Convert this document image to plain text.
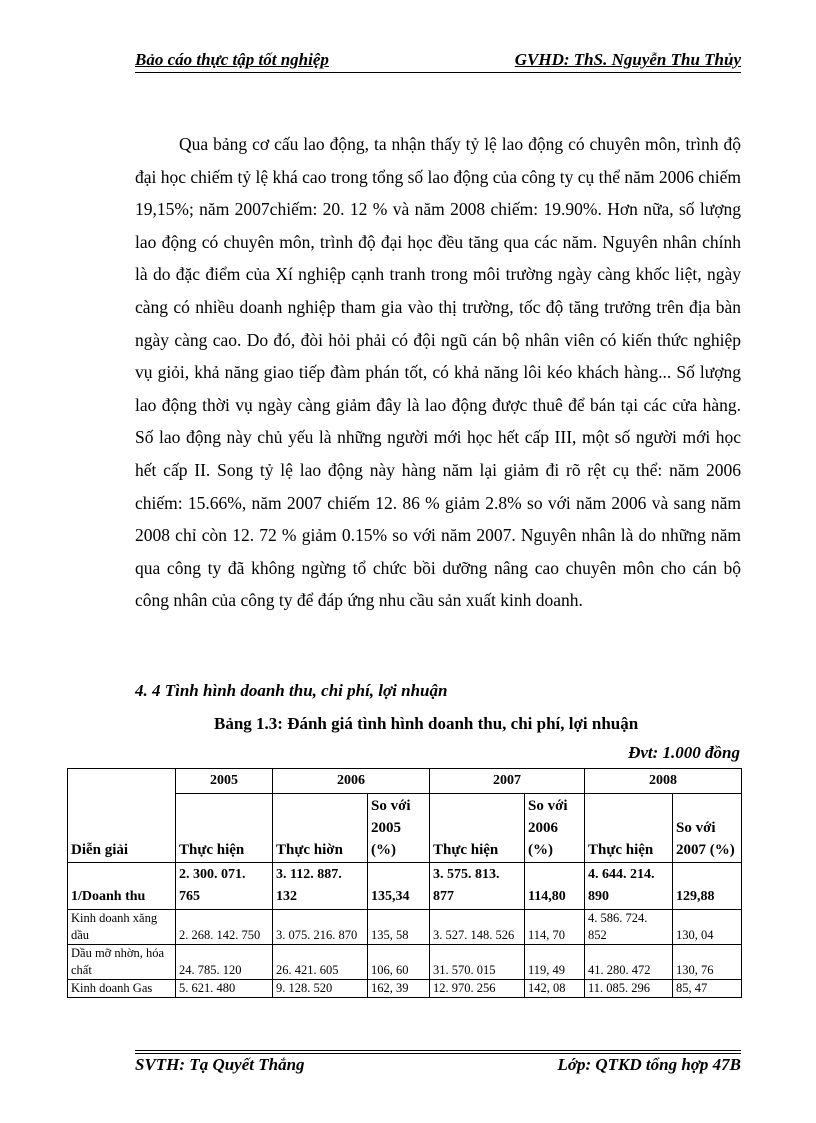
Bảo cáo thực tập tốt nghiệp	GVHD: ThS. Nguyễn Thu Thủy

Qua bảng cơ cấu lao động, ta nhận thấy tỷ lệ lao động có chuyên môn, trình độ đại học chiếm tỷ lệ khá cao trong tổng số lao động của công ty cụ thể năm 2006 chiếm 19,15%; năm 2007chiếm: 20. 12 % và năm 2008 chiếm: 19.90%. Hơn nữa, số lượng lao động có chuyên môn, trình độ đại học đều tăng qua các năm. Nguyên nhân chính là do đặc điểm của Xí nghiệp cạnh tranh trong môi trường ngày càng khốc liệt, ngày càng có nhiều doanh nghiệp tham gia vào thị trường, tốc độ tăng trưởng trên địa bàn ngày càng cao. Do đó, đòi hỏi phải có đội ngũ cán bộ nhân viên có kiến thức nghiệp vụ giỏi, khả năng giao tiếp đàm phán tốt, có khả năng lôi kéo khách hàng... Số lượng lao động thời vụ ngày càng giảm đây là lao động được thuê để bán tại các cửa hàng. Số lao động này chủ yếu là những người mới học hết cấp III, một số người mới học hết cấp II. Song tỷ lệ lao động này hàng năm lại giảm đi rõ rệt cụ thể: năm 2006 chiếm: 15.66%, năm 2007 chiếm 12. 86 % giảm 2.8% so với năm 2006 và sang năm 2008 chỉ còn 12. 72 % giảm 0.15% so với năm 2007. Nguyên nhân là do những năm qua công ty đã không ngừng tổ chức bồi dưỡng nâng cao chuyên môn cho cán bộ công nhân của công ty để đáp ứng nhu cầu sản xuất kinh doanh.

4. 4 Tình hình doanh thu, chi phí, lợi nhuận
Bảng 1.3: Đánh giá tình hình doanh thu, chi phí, lợi nhuận
Đvt: 1.000 đồng
Diễn giải	2005	2006		2007		2008	
	Thực hiện	Thực hiờn	So với 2005 (%)	Thực hiện	So với 2006 (%)	Thực hiện	So với 2007 (%)
1/Doanh thu	2. 300. 071. 765	3. 112. 887. 132	135,34	3. 575. 813. 877	114,80	4. 644. 214. 890	129,88
Kinh doanh xăng dầu	2. 268. 142. 750	3. 075. 216. 870	135, 58	3. 527. 148. 526	114, 70	4. 586. 724. 852	130, 04
Dầu mỡ nhờn, hóa chất	24. 785. 120	26. 421. 605	106, 60	31. 570. 015	119, 49	41. 280. 472	130, 76
Kinh doanh Gas	5. 621. 480	9. 128. 520	162, 39	12. 970. 256	142, 08	11. 085. 296	85, 47
SVTH: Tạ Quyết Thắng	Lớp: QTKD tổng hợp 47B
